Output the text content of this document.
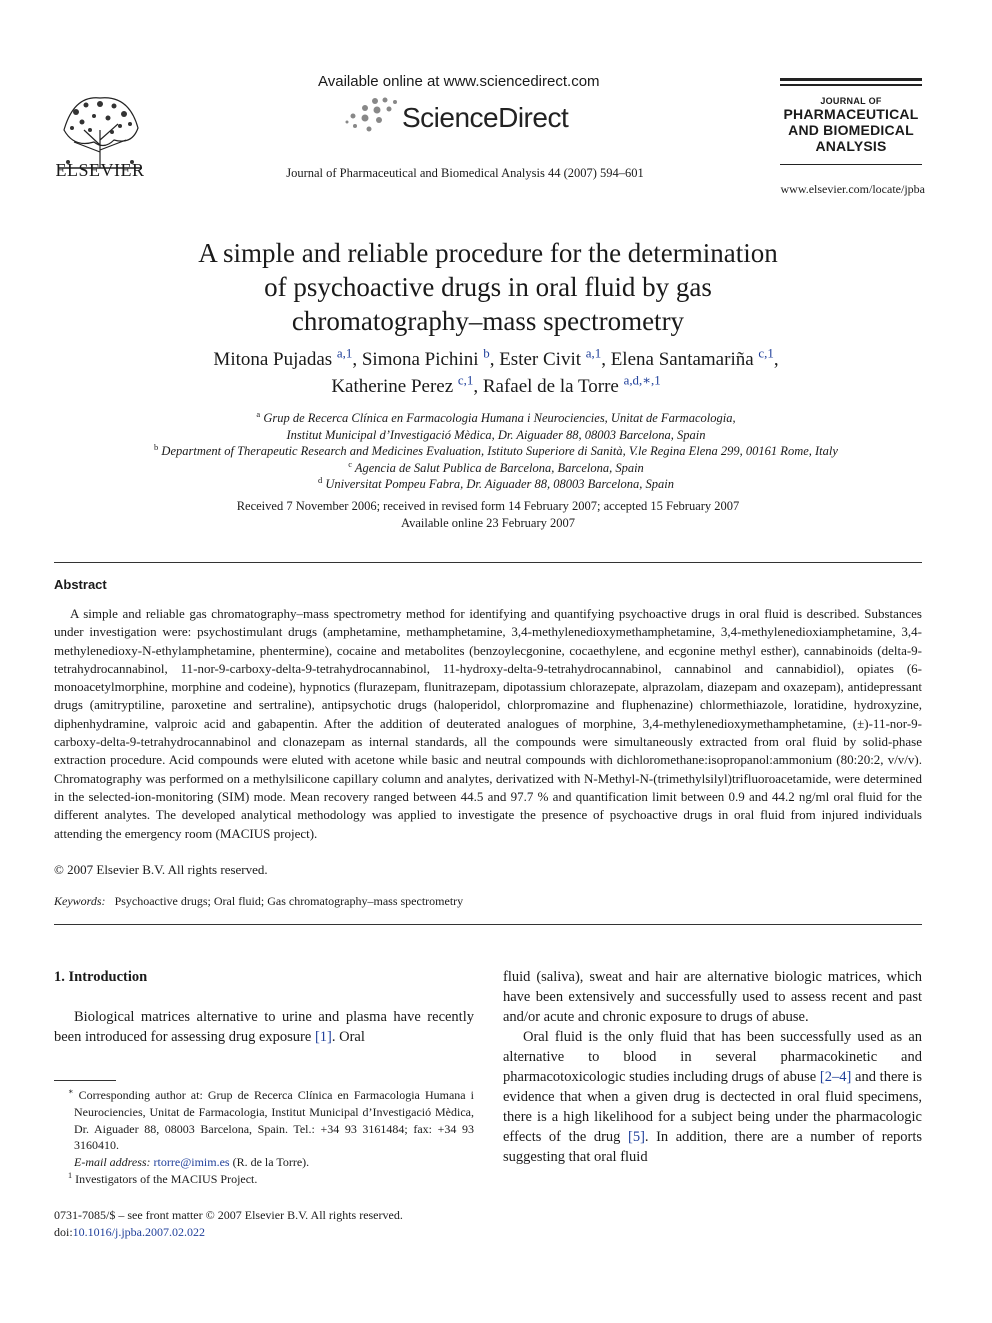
ELSEVIER
Available online at www.sciencedirect.com
ScienceDirect
Journal of Pharmaceutical and Biomedical Analysis 44 (2007) 594–601
JOURNAL OF
PHARMACEUTICAL
AND BIOMEDICAL
ANALYSIS
www.elsevier.com/locate/jpba
A simple and reliable procedure for the determination
of psychoactive drugs in oral fluid by gas
chromatography–mass spectrometry
Mitona Pujadas $^{a,1}$, Simona Pichini $^b$, Ester Civit $^{a,1}$, Elena Santamariña $^{c,1}$,
Katherine Perez $^{c,1}$, Rafael de la Torre $^{a,d,∗,1}$
$^a$ Grup de Recerca Clínica en Farmacologia Humana i Neurociencies, Unitat de Farmacologia,
Institut Municipal d’Investigació Mèdica, Dr. Aiguader 88, 08003 Barcelona, Spain
$^b$ Department of Therapeutic Research and Medicines Evaluation, Istituto Superiore di Sanità, V.le Regina Elena 299, 00161 Rome, Italy
$^c$ Agencia de Salut Publica de Barcelona, Barcelona, Spain
$^d$ Universitat Pompeu Fabra, Dr. Aiguader 88, 08003 Barcelona, Spain
Received 7 November 2006; received in revised form 14 February 2007; accepted 15 February 2007
Available online 23 February 2007
Abstract

A simple and reliable gas chromatography–mass spectrometry method for identifying and quantifying psychoactive drugs in oral fluid is described. Substances under investigation were: psychostimulant drugs (amphetamine, methamphetamine, 3,4-methylenedioxymethamphetamine, 3,4-methylenedioxiamphetamine, 3,4-methylenedioxy-N-ethylamphetamine, phentermine), cocaine and metabolites (benzoylecgonine, cocaethylene, and ecgonine methyl esther), cannabinoids (delta-9-tetrahydrocannabinol, 11-nor-9-carboxy-delta-9-tetrahydrocannabinol, 11-hydroxy-delta-9-tetrahydrocannabinol, cannabinol and cannabidiol), opiates (6-monoacetylmorphine, morphine and codeine), hypnotics (flurazepam, flunitrazepam, dipotassium chlorazepate, alprazolam, diazepam and oxazepam), antidepressant drugs (amitryptiline, paroxetine and sertraline), antipsychotic drugs (haloperidol, chlorpromazine and fluphenazine) chlormethiazole, loratidine, hydroxyzine, diphenhydramine, valproic acid and gabapentin. After the addition of deuterated analogues of morphine, 3,4-methylenedioxymethamphetamine, (±)-11-nor-9-carboxy-delta-9-tetrahydrocannabinol and clonazepam as internal standards, all the compounds were simultaneously extracted from oral fluid by solid-phase extraction procedure. Acid compounds were eluted with acetone while basic and neutral compounds with dichloromethane:isopropanol:ammonium (80:20:2, v/v/v). Chromatography was performed on a methylsilicone capillary column and analytes, derivatized with N-Methyl-N-(trimethylsilyl)trifluoroacetamide, were determined in the selected-ion-monitoring (SIM) mode. Mean recovery ranged between 44.5 and 97.7 % and quantification limit between 0.9 and 44.2 ng/ml oral fluid for the different analytes. The developed analytical methodology was applied to investigate the presence of psychoactive drugs in oral fluid from injured individuals attending the emergency room (MACIUS project).

© 2007 Elsevier B.V. All rights reserved.
Keywords: Psychoactive drugs; Oral fluid; Gas chromatography–mass spectrometry
1. Introduction

Biological matrices alternative to urine and plasma have recently been introduced for assessing drug exposure [1]. Oral

∗ Corresponding author at: Grup de Recerca Clínica en Farmacologia Humana i Neurociencies, Unitat de Farmacologia, Institut Municipal d’Investigació Mèdica, Dr. Aiguader 88, 08003 Barcelona, Spain. Tel.: +34 93 3161484; fax: +34 93 3160410.
E-mail address: rtorre@imim.es (R. de la Torre).
$^1$ Investigators of the MACIUS Project.
0731-7085/$ – see front matter © 2007 Elsevier B.V. All rights reserved.
doi:10.1016/j.jpba.2007.02.022

fluid (saliva), sweat and hair are alternative biologic matrices, which have been extensively and successfully used to assess recent and past and/or acute and chronic exposure to drugs of abuse.

Oral fluid is the only fluid that has been successfully used as an alternative to blood in several pharmacokinetic and pharmacotoxicologic studies including drugs of abuse [2–4] and there is evidence that when a given drug is dectected in oral fluid specimens, there is a high likelihood for a subject being under the pharmacologic effects of the drug [5]. In addition, there are a number of reports suggesting that oral fluid
